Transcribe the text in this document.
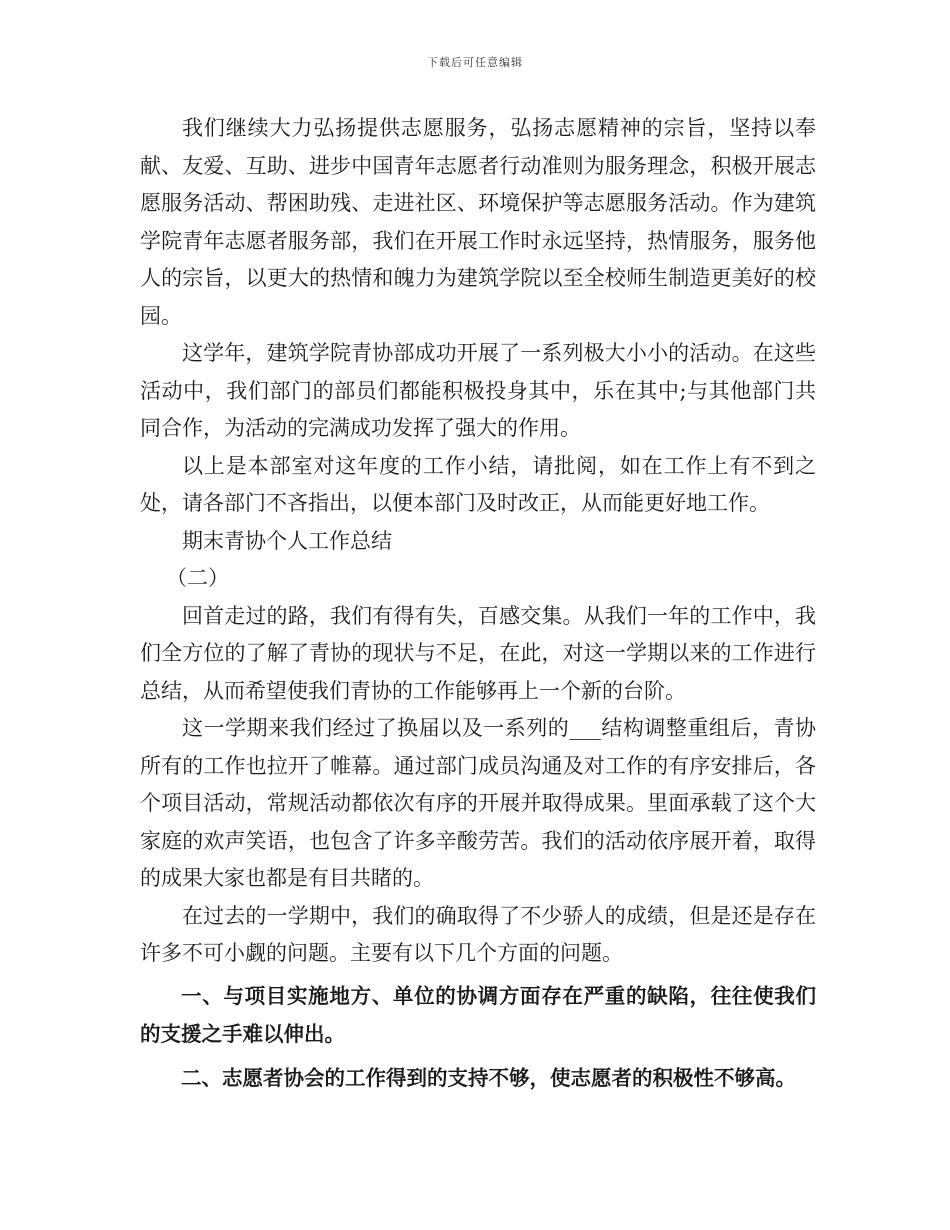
下载后可任意编辑

我们继续大力弘扬提供志愿服务，弘扬志愿精神的宗旨，坚持以奉献、友爱、互助、进步中国青年志愿者行动准则为服务理念，积极开展志愿服务活动、帮困助残、走进社区、环境保护等志愿服务活动。作为建筑学院青年志愿者服务部，我们在开展工作时永远坚持，热情服务，服务他人的宗旨，以更大的热情和魄力为建筑学院以至全校师生制造更美好的校园。

这学年，建筑学院青协部成功开展了一系列极大小小的活动。在这些活动中，我们部门的部员们都能积极投身其中，乐在其中;与其他部门共同合作，为活动的完满成功发挥了强大的作用。

以上是本部室对这年度的工作小结，请批阅，如在工作上有不到之处，请各部门不吝指出，以便本部门及时改正，从而能更好地工作。

期末青协个人工作总结

（二）

回首走过的路，我们有得有失，百感交集。从我们一年的工作中，我们全方位的了解了青协的现状与不足，在此，对这一学期以来的工作进行总结，从而希望使我们青协的工作能够再上一个新的台阶。

这一学期来我们经过了换届以及一系列的___结构调整重组后，青协所有的工作也拉开了帷幕。通过部门成员沟通及对工作的有序安排后，各个项目活动，常规活动都依次有序的开展并取得成果。里面承载了这个大家庭的欢声笑语，也包含了许多辛酸劳苦。我们的活动依序展开着，取得的成果大家也都是有目共睹的。

在过去的一学期中，我们的确取得了不少骄人的成绩，但是还是存在许多不可小觑的问题。主要有以下几个方面的问题。

一、与项目实施地方、单位的协调方面存在严重的缺陷，往往使我们的支援之手难以伸出。

二、志愿者协会的工作得到的支持不够，使志愿者的积极性不够高。
